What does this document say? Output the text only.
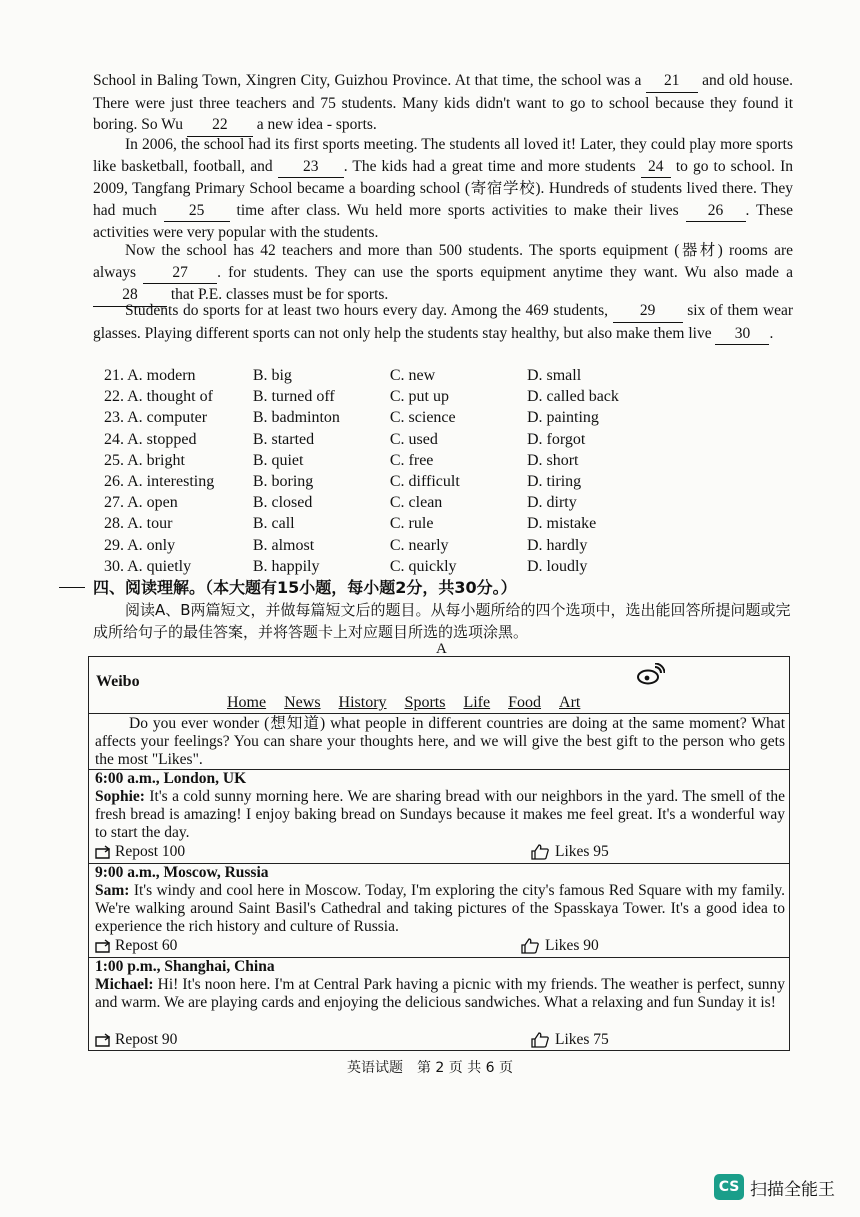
School in Baling Town, Xingren City, Guizhou Province. At that time, the school was a 21 and old house. There were just three teachers and 75 students. Many kids didn't want to go to school because they found it boring. So Wu 22 a new idea - sports.
In 2006, the school had its first sports meeting. The students all loved it! Later, they could play more sports like basketball, football, and 23 . The kids had a great time and more students 24 to go to school. In 2009, Tangfang Primary School became a boarding school (寄宿学校). Hundreds of students lived there. They had much 25 time after class. Wu held more sports activities to make their lives 26 . These activities were very popular with the students.
Now the school has 42 teachers and more than 500 students. The sports equipment (器材) rooms are always 27 . for students. They can use the sports equipment anytime they want. Wu also made a 28 that P.E. classes must be for sports.
Students do sports for at least two hours every day. Among the 469 students, 29 six of them wear glasses. Playing different sports can not only help the students stay healthy, but also make them live 30 .
21. A. modern	B. big	C. new	D. small
22. A. thought of	B. turned off	C. put up	D. called back
23. A. computer	B. badminton	C. science	D. painting
24. A. stopped	B. started	C. used	D. forgot
25. A. bright	B. quiet	C. free	D. short
26. A. interesting	B. boring	C. difficult	D. tiring
27. A. open	B. closed	C. clean	D. dirty
28. A. tour	B. call	C. rule	D. mistake
29. A. only	B. almost	C. nearly	D. hardly
30. A. quietly	B. happily	C. quickly	D. loudly
四、阅读理解。（本大题有15小题，每小题2分，共30分。）
阅读A、B两篇短文，并做每篇短文后的题目。从每小题所给的四个选项中，选出能回答所提问题或完成所给句子的最佳答案，并将答题卡上对应题目所选的选项涂黑。
A
Weibo
Home News History Sports Life Food Art
Do you ever wonder (想知道) what people in different countries are doing at the same moment? What affects your feelings? You can share your thoughts here, and we will give the best gift to the person who gets the most "Likes".
6:00 a.m., London, UK
Sophie: It's a cold sunny morning here. We are sharing bread with our neighbors in the yard. The smell of the fresh bread is amazing! I enjoy baking bread on Sundays because it makes me feel great. It's a wonderful way to start the day.
Repost 100	Likes 95
9:00 a.m., Moscow, Russia
Sam: It's windy and cool here in Moscow. Today, I'm exploring the city's famous Red Square with my family. We're walking around Saint Basil's Cathedral and taking pictures of the Spasskaya Tower. It's a good idea to experience the rich history and culture of Russia.
Repost 60	Likes 90
1:00 p.m., Shanghai, China
Michael: Hi! It's noon here. I'm at Central Park having a picnic with my friends. The weather is perfect, sunny and warm. We are playing cards and enjoying the delicious sandwiches. What a relaxing and fun Sunday it is!
Repost 90	Likes 75
英语试题　第 2 页 共 6 页
CS 扫描全能王
